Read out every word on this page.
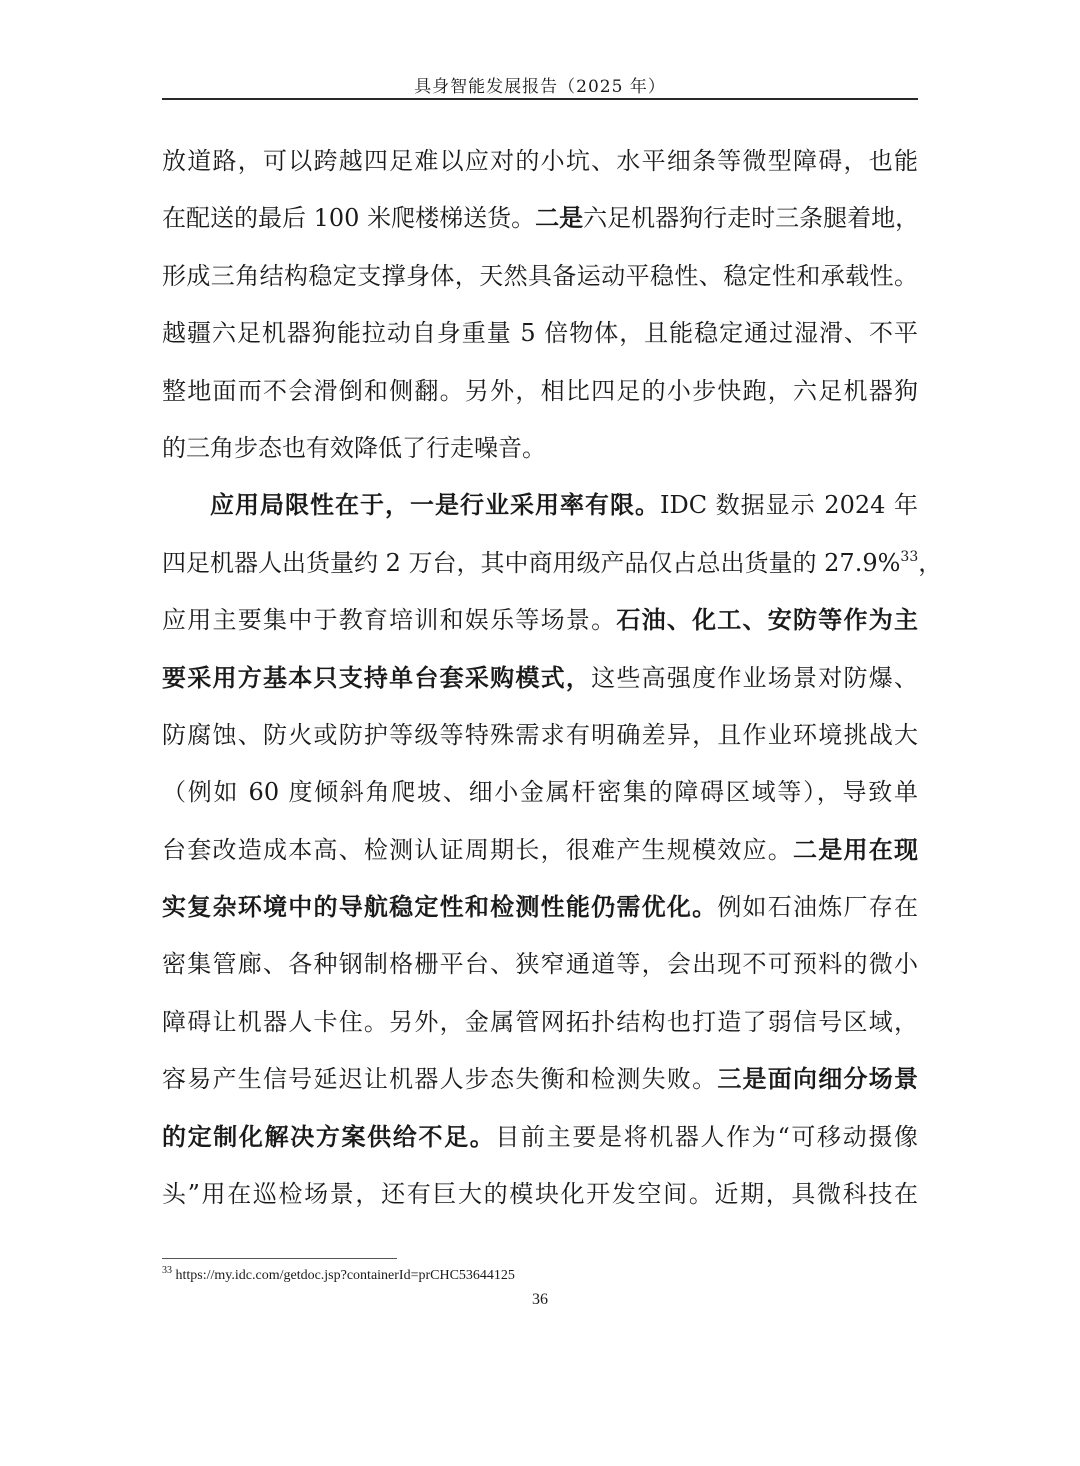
具身智能发展报告（2025 年）
放道路，可以跨越四足难以应对的小坑、水平细条等微型障碍，也能
在配送的最后 100 米爬楼梯送货。二是六足机器狗行走时三条腿着地，
形成三角结构稳定支撑身体，天然具备运动平稳性、稳定性和承载性。
越疆六足机器狗能拉动自身重量 5 倍物体，且能稳定通过湿滑、不平
整地面而不会滑倒和侧翻。另外，相比四足的小步快跑，六足机器狗
的三角步态也有效降低了行走噪音。
应用局限性在于，一是行业采用率有限。IDC 数据显示 2024 年
四足机器人出货量约 2 万台，其中商用级产品仅占总出货量的 27.9%$^{33}$，
应用主要集中于教育培训和娱乐等场景。石油、化工、安防等作为主
要采用方基本只支持单台套采购模式，这些高强度作业场景对防爆、
防腐蚀、防火或防护等级等特殊需求有明确差异，且作业环境挑战大
（例如 60 度倾斜角爬坡、细小金属杆密集的障碍区域等），导致单
台套改造成本高、检测认证周期长，很难产生规模效应。二是用在现
实复杂环境中的导航稳定性和检测性能仍需优化。例如石油炼厂存在
密集管廊、各种钢制格栅平台、狭窄通道等，会出现不可预料的微小
障碍让机器人卡住。另外，金属管网拓扑结构也打造了弱信号区域，
容易产生信号延迟让机器人步态失衡和检测失败。三是面向细分场景
的定制化解决方案供给不足。目前主要是将机器人作为“可移动摄像
头”用在巡检场景，还有巨大的模块化开发空间。近期，具微科技在
$^{33}$ https://my.idc.com/getdoc.jsp?containerId=prCHC53644125
36
